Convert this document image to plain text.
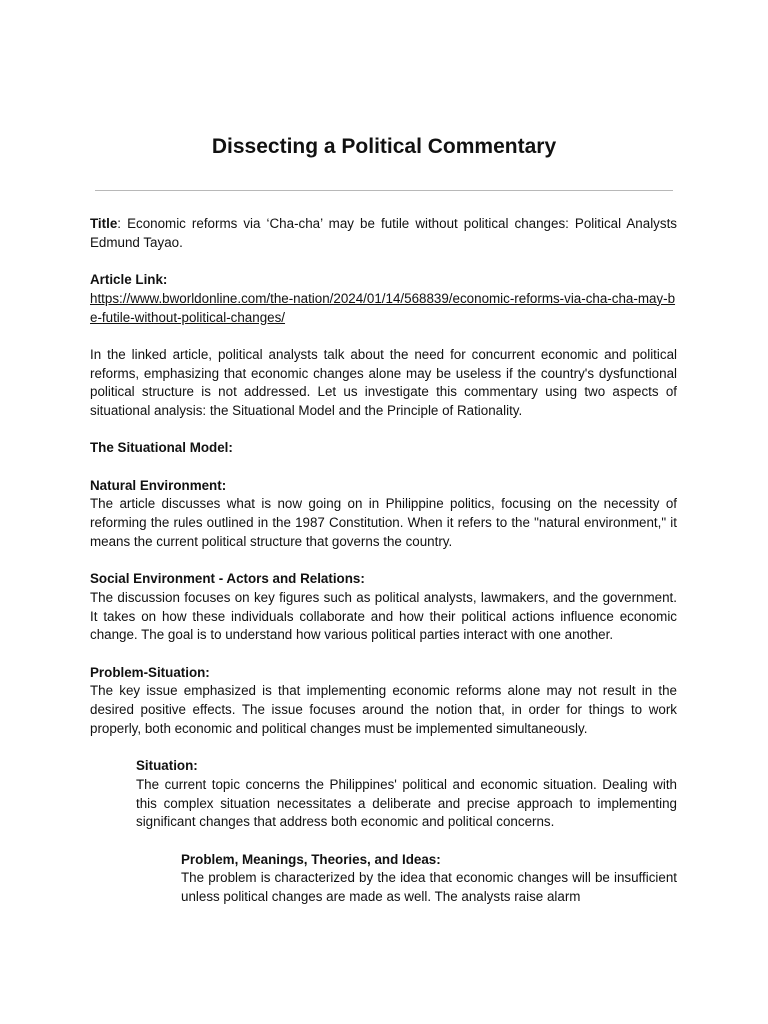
Dissecting a Political Commentary

Title: Economic reforms via ‘Cha-cha’ may be futile without political changes: Political Analysts Edmund Tayao.

Article Link:

https://www.bworldonline.com/the-nation/2024/01/14/568839/economic-reforms-via-cha-cha-may-be-futile-without-political-changes/

In the linked article, political analysts talk about the need for concurrent economic and political reforms, emphasizing that economic changes alone may be useless if the country's dysfunctional political structure is not addressed. Let us investigate this commentary using two aspects of situational analysis: the Situational Model and the Principle of Rationality.

The Situational Model:

Natural Environment:

The article discusses what is now going on in Philippine politics, focusing on the necessity of reforming the rules outlined in the 1987 Constitution. When it refers to the "natural environment," it means the current political structure that governs the country.

Social Environment - Actors and Relations:

The discussion focuses on key figures such as political analysts, lawmakers, and the government. It takes on how these individuals collaborate and how their political actions influence economic change. The goal is to understand how various political parties interact with one another.

Problem-Situation:

The key issue emphasized is that implementing economic reforms alone may not result in the desired positive effects. The issue focuses around the notion that, in order for things to work properly, both economic and political changes must be implemented simultaneously.

Situation:

The current topic concerns the Philippines' political and economic situation. Dealing with this complex situation necessitates a deliberate and precise approach to implementing significant changes that address both economic and political concerns.

Problem, Meanings, Theories, and Ideas:

The problem is characterized by the idea that economic changes will be insufficient unless political changes are made as well. The analysts raise alarm
